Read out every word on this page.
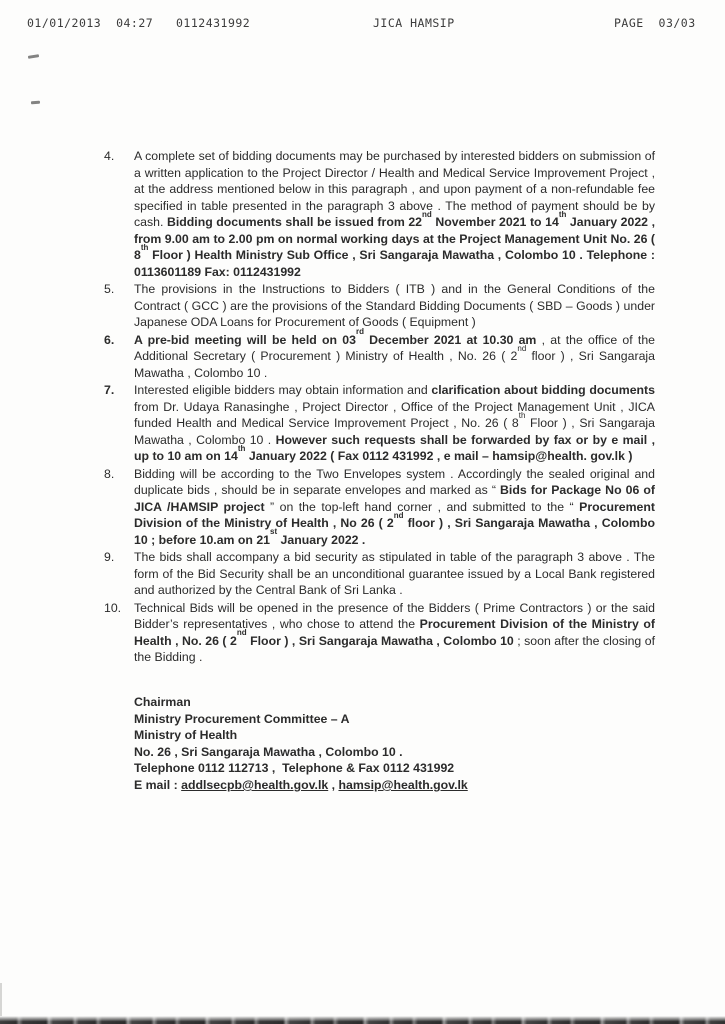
01/01/2013  04:27 0112431992	JICA HAMSIP	PAGE  03/03
4.	A complete set of bidding documents may be purchased by interested bidders on submission of a written application to the Project Director / Health and Medical Service Improvement Project , at the address mentioned below in this paragraph , and upon payment of a non-refundable fee specified in table presented in the paragraph 3 above . The method of payment should be by cash. Bidding documents shall be issued from 22nd November 2021 to 14th January 2022 , from 9.00 am to 2.00 pm on normal working days at the Project Management Unit No. 26 ( 8th Floor ) Health Ministry Sub Office , Sri Sangaraja Mawatha , Colombo 10 . Telephone : 0113601189 Fax: 0112431992
5.	The provisions in the Instructions to Bidders ( ITB ) and in the General Conditions of the Contract ( GCC ) are the provisions of the Standard Bidding Documents ( SBD – Goods ) under Japanese ODA Loans for Procurement of Goods ( Equipment )
6.	A pre-bid meeting will be held on 03rd December 2021 at 10.30 am , at the office of the Additional Secretary ( Procurement ) Ministry of Health , No. 26 ( 2nd floor ) , Sri Sangaraja Mawatha , Colombo 10 .
7.	Interested eligible bidders may obtain information and clarification about bidding documents from Dr. Udaya Ranasinghe , Project Director , Office of the Project Management Unit , JICA funded Health and Medical Service Improvement Project , No. 26 ( 8th Floor ) , Sri Sangaraja Mawatha , Colombo 10 . However such requests shall be forwarded by fax or by e mail , up to 10 am on 14th January 2022 ( Fax 0112 431992 , e mail – hamsip@health. gov.lk )
8.	Bidding will be according to the Two Envelopes system . Accordingly the sealed original and duplicate bids , should be in separate envelopes and marked as “ Bids for Package No 06 of JICA /HAMSIP project ” on the top-left hand corner , and submitted to the “ Procurement Division of the Ministry of Health , No 26 ( 2nd floor ) , Sri Sangaraja Mawatha , Colombo 10 ; before 10.am on 21st January 2022 .
9.	The bids shall accompany a bid security as stipulated in table of the paragraph 3 above . The form of the Bid Security shall be an unconditional guarantee issued by a Local Bank registered and authorized by the Central Bank of Sri Lanka .
10.	Technical Bids will be opened in the presence of the Bidders ( Prime Contractors ) or the said Bidder’s representatives , who chose to attend the Procurement Division of the Ministry of Health , No. 26 ( 2nd Floor ) , Sri Sangaraja Mawatha , Colombo 10 ; soon after the closing of the Bidding .
Chairman
Ministry Procurement Committee – A
Ministry of Health
No. 26 , Sri Sangaraja Mawatha , Colombo 10 .
Telephone 0112 112713 ,  Telephone & Fax 0112 431992
E mail : addlsecpb@health.gov.lk , hamsip@health.gov.lk
